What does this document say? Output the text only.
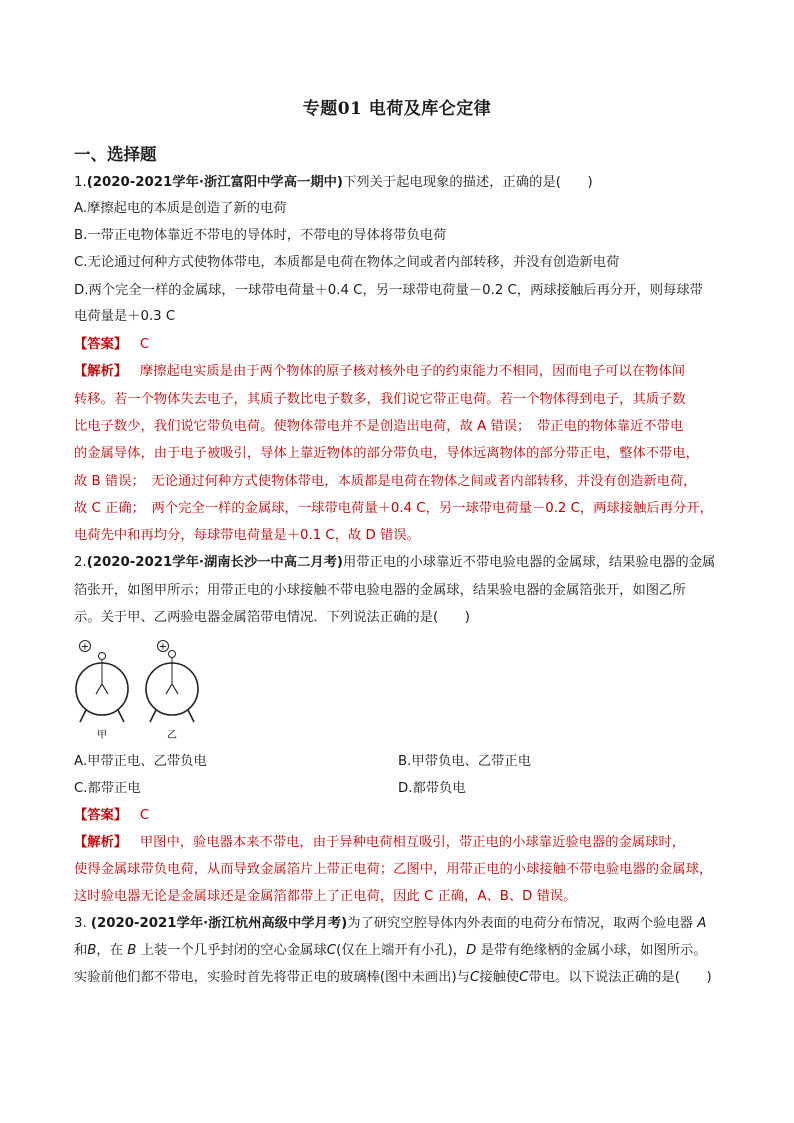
专题01 电荷及库仑定律
一、选择题
1.(2020-2021学年·浙江富阳中学高一期中)下列关于起电现象的描述，正确的是(　　)
A.摩擦起电的本质是创造了新的电荷
B.一带正电物体靠近不带电的导体时，不带电的导体将带负电荷
C.无论通过何种方式使物体带电，本质都是电荷在物体之间或者内部转移，并没有创造新电荷
D.两个完全一样的金属球，一球带电荷量＋0.4 C，另一球带电荷量－0.2 C，两球接触后再分开，则每球带
电荷量是＋0.3 C
【答案】 C
【解析】 摩擦起电实质是由于两个物体的原子核对核外电子的约束能力不相同，因而电子可以在物体间
转移。若一个物体失去电子，其质子数比电子数多，我们说它带正电荷。若一个物体得到电子，其质子数
比电子数少，我们说它带负电荷。使物体带电并不是创造出电荷，故 A 错误；　带正电的物体靠近不带电
的金属导体，由于电子被吸引，导体上靠近物体的部分带负电，导体远离物体的部分带正电，整体不带电，
故 B 错误；　无论通过何种方式使物体带电，本质都是电荷在物体之间或者内部转移，并没有创造新电荷，
故 C 正确；　两个完全一样的金属球，一球带电荷量＋0.4 C，另一球带电荷量－0.2 C，两球接触后再分开，
电荷先中和再均分，每球带电荷量是＋0.1 C，故 D 错误。
2.(2020-2021学年·湖南长沙一中高二月考)用带正电的小球靠近不带电验电器的金属球，结果验电器的金属
箔张开，如图甲所示；用带正电的小球接触不带电验电器的金属球，结果验电器的金属箔张开，如图乙所
示。关于甲、乙两验电器金属箔带电情况．下列说法正确的是(　　)
+
甲
+
乙
A.甲带正电、乙带负电	B.甲带负电、乙带正电
C.都带正电	D.都带负电
【答案】 C
【解析】 甲图中，验电器本来不带电，由于异种电荷相互吸引，带正电的小球靠近验电器的金属球时，
使得金属球带负电荷，从而导致金属箔片上带正电荷；乙图中，用带正电的小球接触不带电验电器的金属球，
这时验电器无论是金属球还是金属箔都带上了正电荷，因此 C 正确，A、B、D 错误。
3. (2020-2021学年·浙江杭州高级中学月考)为了研究空腔导体内外表面的电荷分布情况，取两个验电器 A
和B，在 B 上装一个几乎封闭的空心金属球C(仅在上端开有小孔)，D 是带有绝缘柄的金属小球，如图所示。
实验前他们都不带电，实验时首先将带正电的玻璃棒(图中未画出)与C接触使C带电。以下说法正确的是(　　)
